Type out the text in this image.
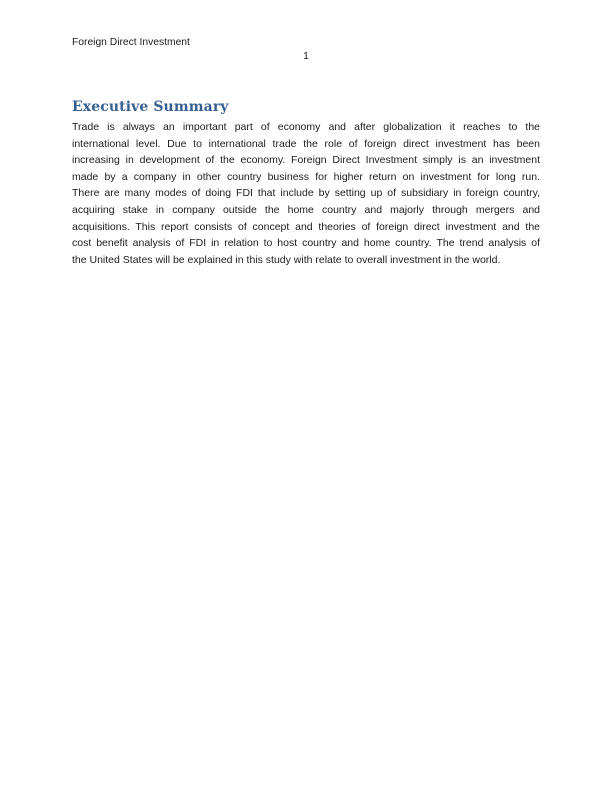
Foreign Direct Investment
1
Executive Summary
Trade is always an important part of economy and after globalization it reaches to the
international level. Due to international trade the role of foreign direct investment has been
increasing in development of the economy. Foreign Direct Investment simply is an investment
made by a company in other country business for higher return on investment for long run.
There are many modes of doing FDI that include by setting up of subsidiary in foreign country,
acquiring stake in company outside the home country and majorly through mergers and
acquisitions. This report consists of concept and theories of foreign direct investment and the
cost benefit analysis of FDI in relation to host country and home country. The trend analysis of
the United States will be explained in this study with relate to overall investment in the world.
